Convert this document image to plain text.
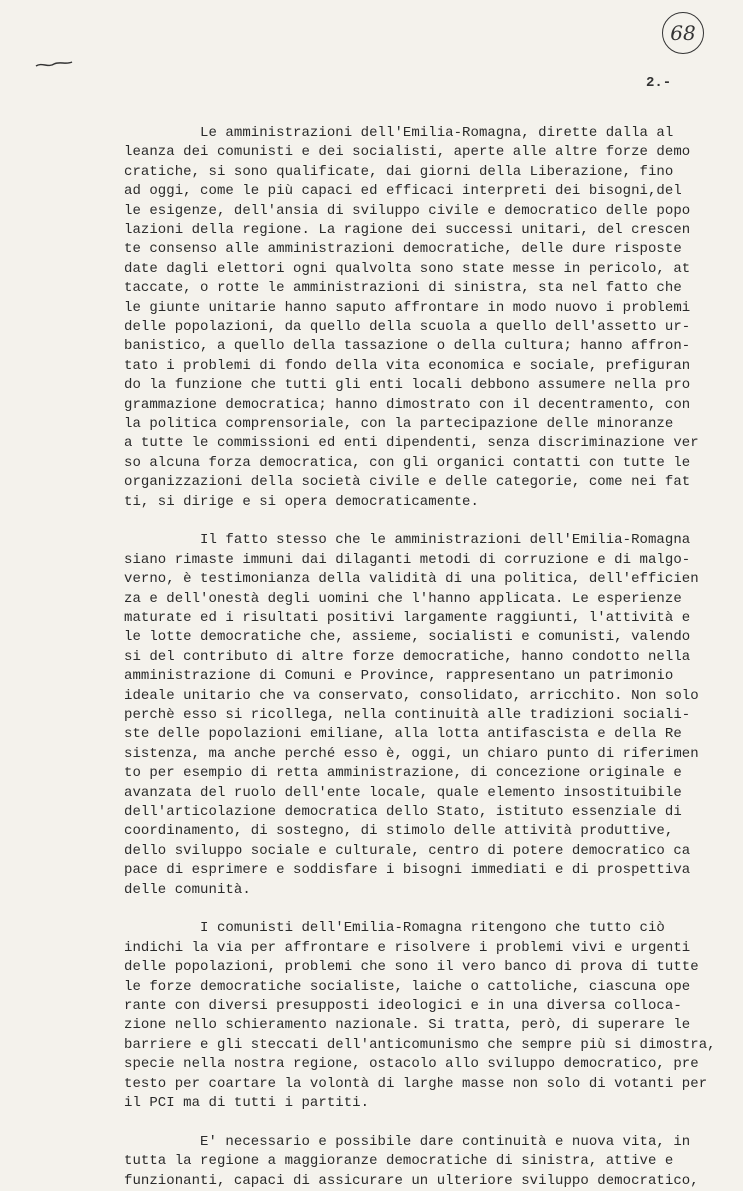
68
2.-
Le amministrazioni dell'Emilia-Romagna, dirette dalla al
leanza dei comunisti e dei socialisti, aperte alle altre forze demo
cratiche, si sono qualificate, dai giorni della Liberazione, fino
ad oggi, come le più capaci ed efficaci interpreti dei bisogni,del
le esigenze, dell'ansia di sviluppo civile e democratico delle popo
lazioni della regione. La ragione dei successi unitari, del crescen
te consenso alle amministrazioni democratiche, delle dure risposte
date dagli elettori ogni qualvolta sono state messe in pericolo, at
taccate, o rotte le amministrazioni di sinistra, sta nel fatto che
le giunte unitarie hanno saputo affrontare in modo nuovo i problemi
delle popolazioni, da quello della scuola a quello dell'assetto ur-
banistico, a quello della tassazione o della cultura; hanno affron-
tato i problemi di fondo della vita economica e sociale, prefiguran
do la funzione che tutti gli enti locali debbono assumere nella pro
grammazione democratica; hanno dimostrato con il decentramento, con
la politica comprensoriale, con la partecipazione delle minoranze
a tutte le commissioni ed enti dipendenti, senza discriminazione ver
so alcuna forza democratica, con gli organici contatti con tutte le
organizzazioni della società civile e delle categorie, come nei fat
ti, si dirige e si opera democraticamente.
Il fatto stesso che le amministrazioni dell'Emilia-Romagna
siano rimaste immuni dai dilaganti metodi di corruzione e di malgo-
verno, è testimonianza della validità di una politica, dell'efficien
za e dell'onestà degli uomini che l'hanno applicata. Le esperienze
maturate ed i risultati positivi largamente raggiunti, l'attività e
le lotte democratiche che, assieme, socialisti e comunisti, valendo
si del contributo di altre forze democratiche, hanno condotto nella
amministrazione di Comuni e Province, rappresentano un patrimonio
ideale unitario che va conservato, consolidato, arricchito. Non solo
perchè esso si ricollega, nella continuità alle tradizioni sociali-
ste delle popolazioni emiliane, alla lotta antifascista e della Re
sistenza, ma anche perché esso è, oggi, un chiaro punto di riferimen
to per esempio di retta amministrazione, di concezione originale e
avanzata del ruolo dell'ente locale, quale elemento insostituibile
dell'articolazione democratica dello Stato, istituto essenziale di
coordinamento, di sostegno, di stimolo delle attività produttive,
dello sviluppo sociale e culturale, centro di potere democratico ca
pace di esprimere e soddisfare i bisogni immediati e di prospettiva
delle comunità.
I comunisti dell'Emilia-Romagna ritengono che tutto ciò
indichi la via per affrontare e risolvere i problemi vivi e urgenti
delle popolazioni, problemi che sono il vero banco di prova di tutte
le forze democratiche socialiste, laiche o cattoliche, ciascuna ope
rante con diversi presupposti ideologici e in una diversa colloca-
zione nello schieramento nazionale. Si tratta, però, di superare le
barriere e gli steccati dell'anticomunismo che sempre più si dimostra,
specie nella nostra regione, ostacolo allo sviluppo democratico, pre
testo per coartare la volontà di larghe masse non solo di votanti per
il PCI ma di tutti i partiti.
E' necessario e possibile dare continuità e nuova vita, in
tutta la regione a maggioranze democratiche di sinistra, attive e
funzionanti, capaci di assicurare un ulteriore sviluppo democratico,
